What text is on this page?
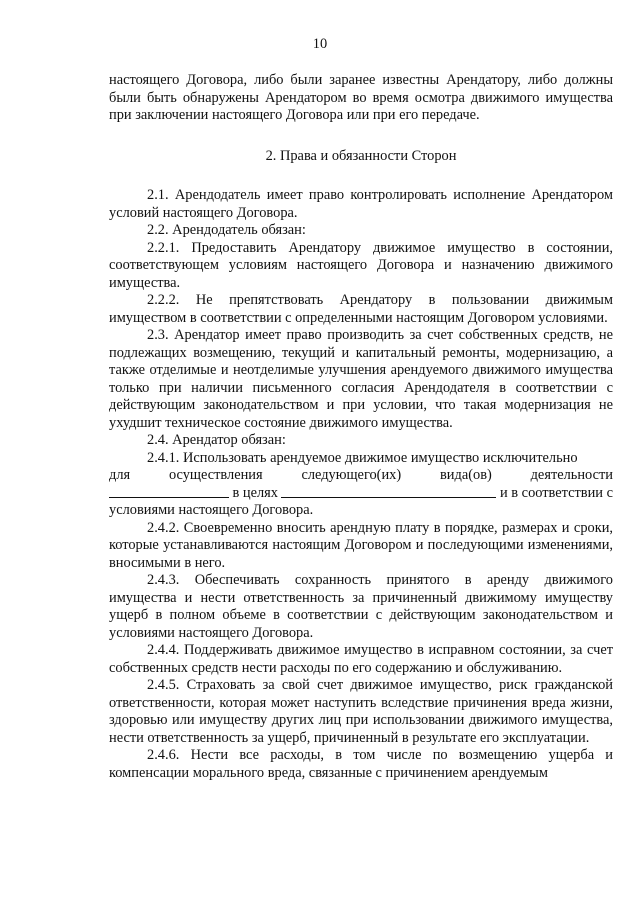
10

настоящего Договора, либо были заранее известны Арендатору, либо должны были быть обнаружены Арендатором во время осмотра движимого имущества при заключении настоящего Договора или при его передаче.

2. Права и обязанности Сторон

2.1. Арендодатель имеет право контролировать исполнение Арендатором условий настоящего Договора.

2.2. Арендодатель обязан:

2.2.1. Предоставить Арендатору движимое имущество в состоянии, соответствующем условиям настоящего Договора и назначению движимого имущества.

2.2.2. Не препятствовать Арендатору в пользовании движимым имуществом в соответствии с определенными настоящим Договором условиями.

2.3. Арендатор имеет право производить за счет собственных средств, не подлежащих возмещению, текущий и капитальный ремонты, модернизацию, а также отделимые и неотделимые улучшения арендуемого движимого имущества только при наличии письменного согласия Арендодателя в соответствии с действующим законодательством и при условии, что такая модернизация не ухудшит техническое состояние движимого имущества.

2.4. Арендатор обязан:

2.4.1. Использовать арендуемое движимое имущество исключительно

для	осуществления	следующего(их)	вида(ов)	деятельности
в целях	и в соответствии с

условиями настоящего Договора.

2.4.2. Своевременно вносить арендную плату в порядке, размерах и сроки, которые устанавливаются настоящим Договором и последующими изменениями, вносимыми в него.

2.4.3. Обеспечивать сохранность принятого в аренду движимого имущества и нести ответственность за причиненный движимому имуществу ущерб в полном объеме в соответствии с действующим законодательством и условиями настоящего Договора.

2.4.4. Поддерживать движимое имущество в исправном состоянии, за счет собственных средств нести расходы по его содержанию и обслуживанию.

2.4.5. Страховать за свой счет движимое имущество, риск гражданской ответственности, которая может наступить вследствие причинения вреда жизни, здоровью или имуществу других лиц при использовании движимого имущества, нести ответственность за ущерб, причиненный в результате его эксплуатации.

2.4.6. Нести все расходы, в том числе по возмещению ущерба и компенсации морального вреда, связанные с причинением арендуемым
